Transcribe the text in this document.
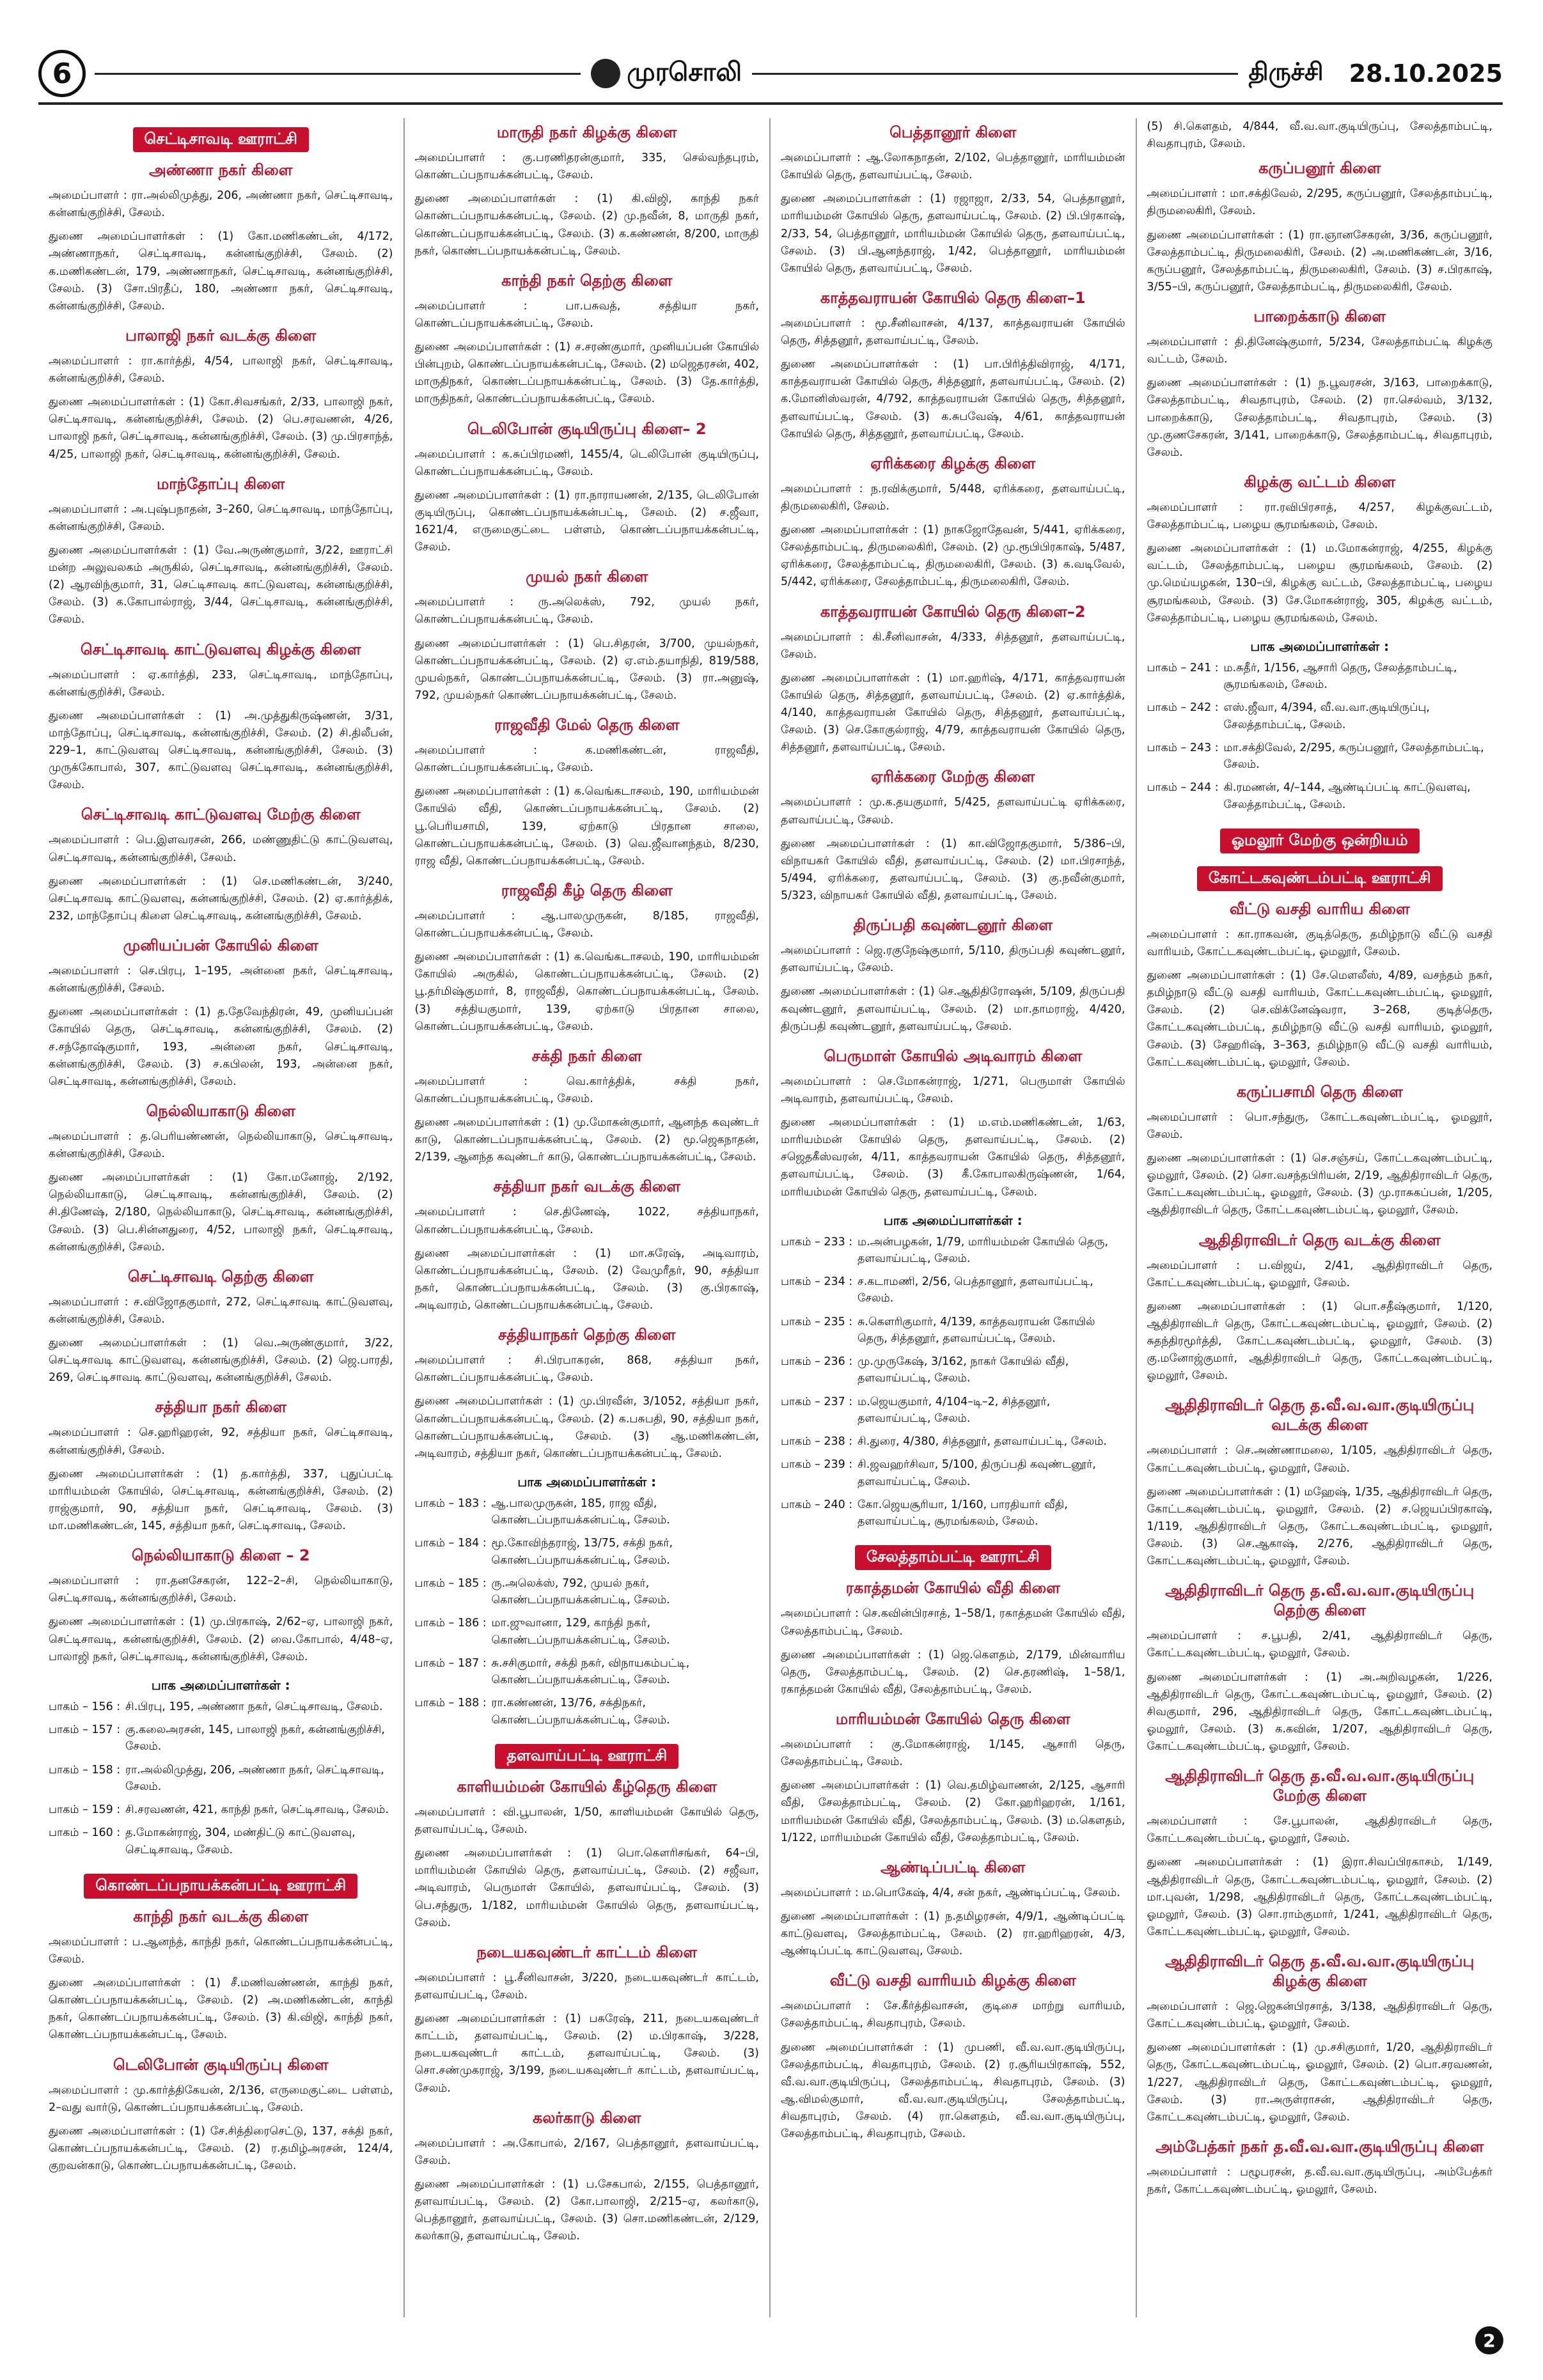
6	முரசொலி	திருச்சி 28.10.2025
செட்டிசாவடி ஊராட்சி
அண்ணா நகர் கிளை
அமைப்பாளர் : ரா.அல்லிமுத்து, 206, அண்ணா நகர், செட்டிசாவடி, கன்னங்குறிச்சி, சேலம்.
துணை அமைப்பாளர்கள் : (1) கோ.மணிகண்டன், 4/172, அண்ணாநகர், செட்டிசாவடி, கன்னங்குறிச்சி, சேலம். (2) க.மணிகண்டன், 179, அண்ணாநகர், செட்டிசாவடி, கன்னங்குறிச்சி, சேலம். (3) சோ.பிரதீப், 180, அண்ணா நகர், செட்டிசாவடி, கன்னங்குறிச்சி, சேலம்.
பாலாஜி நகர் வடக்கு கிளை
அமைப்பாளர் : ரா.கார்த்தி, 4/54, பாலாஜி நகர், செட்டிசாவடி, கன்னங்குறிச்சி, சேலம்.
துணை அமைப்பாளர்கள் : (1) கோ.சிவசங்கர், 2/33, பாலாஜி நகர், செட்டிசாவடி, கன்னங்குறிச்சி, சேலம். (2) பெ.சரவணன், 4/26, பாலாஜி நகர், செட்டிசாவடி, கன்னங்குறிச்சி, சேலம். (3) மு.பிரசாந்த், 4/25, பாலாஜி நகர், செட்டிசாவடி, கன்னங்குறிச்சி, சேலம்.
மாந்தோப்பு கிளை
அமைப்பாளர் : அ.புஷ்பநாதன், 3–260, செட்டிசாவடி, மாந்தோப்பு, கன்னங்குறிச்சி, சேலம்.
துணை அமைப்பாளர்கள் : (1) வே.அருண்குமார், 3/22, ஊராட்சி மன்ற அலுவலகம் அருகில், செட்டிசாவடி, கன்னங்குறிச்சி, சேலம். (2) ஆரவிந்குமார், 31, செட்டிசாவடி காட்டுவளவு, கன்னங்குறிச்சி, சேலம். (3) க.கோபால்ராஜ், 3/44, செட்டிசாவடி, கன்னங்குறிச்சி, சேலம்.
செட்டிசாவடி காட்டுவளவு கிழக்கு கிளை
அமைப்பாளர் : ஏ.கார்த்தி, 233, செட்டிசாவடி, மாந்தோப்பு, கன்னங்குறிச்சி, சேலம்.
துணை அமைப்பாளர்கள் : (1) அ.முத்துகிருஷ்ணன், 3/31, மாந்தோப்பு, செட்டிசாவடி, கன்னங்குறிச்சி, சேலம். (2) சி.திலீபன், 229–1, காட்டுவளவு செட்டிசாவடி, கன்னங்குறிச்சி, சேலம். (3) முருக்கோபால், 307, காட்டுவளவு செட்டிசாவடி, கன்னங்குறிச்சி, சேலம்.
செட்டிசாவடி காட்டுவளவு மேற்கு கிளை
அமைப்பாளர் : பெ.இளவரசன், 266, மண்ணுதிட்டு காட்டுவளவு, செட்டிசாவடி, கன்னங்குறிச்சி, சேலம்.
துணை அமைப்பாளர்கள் : (1) செ.மணிகண்டன், 3/240, செட்டிசாவடி காட்டுவளவு, கன்னங்குறிச்சி, சேலம். (2) ஏ.கார்த்திக், 232, மாந்தோப்பு கிளை செட்டிசாவடி, கன்னங்குறிச்சி, சேலம்.
முனியப்பன் கோயில் கிளை
அமைப்பாளர் : செ.பிரபு, 1–195, அன்னை நகர், செட்டிசாவடி, கன்னங்குறிச்சி, சேலம்.
துணை அமைப்பாளர்கள் : (1) த.தேவேந்திரன், 49, முனியப்பன் கோயில் தெரு, செட்டிசாவடி, கன்னங்குறிச்சி, சேலம். (2) ச.சந்தோஷ்குமார், 193, அன்னை நகர், செட்டிசாவடி, கன்னங்குறிச்சி, சேலம். (3) ச.கபிலன், 193, அன்னை நகர், செட்டிசாவடி, கன்னங்குறிச்சி, சேலம்.
நெல்லியாகாடு கிளை
அமைப்பாளர் : த.பெரியண்ணன், நெல்லியாகாடு, செட்டிசாவடி, கன்னங்குறிச்சி, சேலம்.
துணை அமைப்பாளர்கள் : (1) கோ.மனோஜ், 2/192, நெல்லியாகாடு, செட்டிசாவடி, கன்னங்குறிச்சி, சேலம். (2) சி.திணேஷ், 2/180, நெல்லியாகாடு, செட்டிசாவடி, கன்னங்குறிச்சி, சேலம். (3) பெ.சின்னதுரை, 4/52, பாலாஜி நகர், செட்டிசாவடி, கன்னங்குறிச்சி, சேலம்.
செட்டிசாவடி தெற்கு கிளை
அமைப்பாளர் : ச.விஜோதகுமார், 272, செட்டிசாவடி காட்டுவளவு, கன்னங்குறிச்சி, சேலம்.
துணை அமைப்பாளர்கள் : (1) வெ.அருண்குமார், 3/22, செட்டிசாவடி காட்டுவளவு, கன்னங்குறிச்சி, சேலம். (2) ஜெ.பாரதி, 269, செட்டிசாவடி காட்டுவளவு, கன்னங்குறிச்சி, சேலம்.
சத்தியா நகர் கிளை
அமைப்பாளர் : செ.ஹரிஹரன், 92, சத்தியா நகர், செட்டிசாவடி, கன்னங்குறிச்சி, சேலம்.
துணை அமைப்பாளர்கள் : (1) த.கார்த்தி, 337, புதுப்பட்டி மாரியம்மன் கோயில், செட்டிசாவடி, கன்னங்குறிச்சி, சேலம். (2) ராஜ்குமார், 90, சத்தியா நகர், செட்டிசாவடி, சேலம். (3) மா.மணிகண்டன், 145, சத்தியா நகர், செட்டிசாவடி, சேலம்.
நெல்லியாகாடு கிளை – 2
அமைப்பாளர் : ரா.தனசேகரன், 122–2–சி, நெல்லியாகாடு, செட்டிசாவடி, கன்னங்குறிச்சி, சேலம்.
துணை அமைப்பாளர்கள் : (1) மு.பிரகாஷ், 2/62–ஏ, பாலாஜி நகர், செட்டிசாவடி, கன்னங்குறிச்சி, சேலம். (2) வை.கோபால், 4/48–ஏ, பாலாஜி நகர், செட்டிசாவடி, கன்னங்குறிச்சி, சேலம்.
பாக அமைப்பாளர்கள் :
பாகம் – 156 : சி.பிரபு, 195, அண்ணா நகர், செட்டிசாவடி, சேலம்.
பாகம் – 157 : கு.கலைஅரசன், 145, பாலாஜி நகர், கன்னங்குறிச்சி, சேலம்.
பாகம் – 158 : ரா.அல்லிமுத்து, 206, அண்ணா நகர், செட்டிசாவடி, சேலம்.
பாகம் – 159 : சி.சரவணன், 421, காந்தி நகர், செட்டிசாவடி, சேலம்.
பாகம் – 160 : த.மோகன்ராஜ், 304, மண்திட்டு காட்டுவளவு, செட்டிசாவடி, சேலம்.
கொண்டப்பநாயக்கன்பட்டி ஊராட்சி
காந்தி நகர் வடக்கு கிளை
அமைப்பாளர் : ப.ஆனந்த், காந்தி நகர், கொண்டப்பநாயக்கன்பட்டி, சேலம்.
துணை அமைப்பாளர்கள் : (1) சீ.மணிவண்ணன், காந்தி நகர், கொண்டப்பநாயக்கன்பட்டி, சேலம். (2) அ.மணிகண்டன், காந்தி நகர், கொண்டப்பநாயக்கன்பட்டி, சேலம். (3) கி.விஜி, காந்தி நகர், கொண்டப்பநாயக்கன்பட்டி, சேலம்.
டெலிபோன் குடியிருப்பு கிளை
அமைப்பாளர் : மு.கார்த்திகேயன், 2/136, எருமைகுட்டை பள்ளம், 2–வது வார்டு, கொண்டப்பநாயக்கன்பட்டி, சேலம்.
துணை அமைப்பாளர்கள் : (1) சே.சித்திரைசெட்டு, 137, சக்தி நகர், கொண்டப்பநாயக்கன்பட்டி, சேலம். (2) ர.தமிழ்அரசன், 124/4, குறவன்காடு, கொண்டப்பநாயக்கன்பட்டி, சேலம்.
மாருதி நகர் கிழக்கு கிளை
அமைப்பாளர் : கு.பரணிதரன்குமார், 335, செல்வந்தபுரம், கொண்டப்பநாயக்கன்பட்டி, சேலம்.
துணை அமைப்பாளர்கள் : (1) கி.விஜி, காந்தி நகர் கொண்டப்பநாயக்கன்பட்டி, சேலம். (2) மு.நவீன், 8, மாருதி நகர், கொண்டப்பநாயக்கன்பட்டி, சேலம். (3) க.கண்ணன், 8/200, மாருதி நகர், கொண்டப்பநாயக்கன்பட்டி, சேலம்.
காந்தி நகர் தெற்கு கிளை
அமைப்பாளர் : பா.பசுவத், சத்தியா நகர், கொண்டப்பநாயக்கன்பட்டி, சேலம்.
துணை அமைப்பாளர்கள் : (1) ச.சரண்குமார், முனியப்பன் கோயில் பின்புறம், கொண்டப்பநாயக்கன்பட்டி, சேலம். (2) மஜெதரசன், 402, மாருதிநகர், கொண்டப்பநாயக்கன்பட்டி, சேலம். (3) தே.கார்த்தி, மாருதிநகர், கொண்டப்பநாயக்கன்பட்டி, சேலம்.
டெலிபோன் குடியிருப்பு கிளை– 2
அமைப்பாளர் : க.சுப்பிரமணி, 1455/4, டெலிபோன் குடியிருப்பு, கொண்டப்பநாயக்கன்பட்டி, சேலம்.
துணை அமைப்பாளர்கள் : (1) ரா.நாராயணன், 2/135, டெலிபோன் குடியிருப்பு, கொண்டப்பநாயக்கன்பட்டி, சேலம். (2) ச.ஜீவா, 1621/4, எருமைகுட்டை பள்ளம், கொண்டப்பநாயக்கன்பட்டி, சேலம்.
முயல் நகர் கிளை
அமைப்பாளர் : ரு.அலெக்ஸ், 792, முயல் நகர், கொண்டப்பநாயக்கன்பட்டி, சேலம்.
துணை அமைப்பாளர்கள் : (1) பெ.சிதரன், 3/700, முயல்நகர், கொண்டப்பநாயக்கன்பட்டி, சேலம். (2) ஏ.எம்.தயாநிதி, 819/588, முயல்நகர், கொண்டப்பநாயக்கன்பட்டி, சேலம். (3) ரா.அனுஷ், 792, முயல்நகர் கொண்டப்பநாயக்கன்பட்டி, சேலம்.
ராஜவீதி மேல் தெரு கிளை
அமைப்பாளர் : க.மணிகண்டன், ராஜவீதி, கொண்டப்பநாயக்கன்பட்டி, சேலம்.
துணை அமைப்பாளர்கள் : (1) க.வெங்கடாசலம், 190, மாரியம்மன் கோயில் வீதி, கொண்டப்பநாயக்கன்பட்டி, சேலம். (2) பூ.பெரியசாமி, 139, ஏற்காடு பிரதான சாலை, கொண்டப்பநாயக்கன்பட்டி, சேலம். (3) வெ.ஜீவானந்தம், 8/230, ராஜ வீதி, கொண்டப்பநாயக்கன்பட்டி, சேலம்.
ராஜவீதி கீழ் தெரு கிளை
அமைப்பாளர் : ஆ.பாலமுருகன், 8/185, ராஜவீதி, கொண்டப்பநாயக்கன்பட்டி, சேலம்.
துணை அமைப்பாளர்கள் : (1) க.வெங்கடாசலம், 190, மாரியம்மன் கோயில் அருகில், கொண்டப்பநாயக்கன்பட்டி, சேலம். (2) பூ.தர்மிஷ்குமார், 8, ராஜவீதி, கொண்டப்பநாயக்கன்பட்டி, சேலம். (3) சத்தியகுமார், 139, ஏற்காடு பிரதான சாலை, கொண்டப்பநாயக்கன்பட்டி, சேலம்.
சக்தி நகர் கிளை
அமைப்பாளர் : வெ.கார்த்திக், சக்தி நகர், கொண்டப்பநாயக்கன்பட்டி, சேலம்.
துணை அமைப்பாளர்கள் : (1) மு.மோகன்குமார், ஆனந்த கவுண்டர் காடு, கொண்டப்பநாயக்கன்பட்டி, சேலம். (2) மூ.ஜெகநாதன், 2/139, ஆனந்த கவுண்டர் காடு, கொண்டப்பநாயக்கன்பட்டி, சேலம்.
சத்தியா நகர் வடக்கு கிளை
அமைப்பாளர் : செ.திணேஷ், 1022, சத்தியாநகர், கொண்டப்பநாயக்கன்பட்டி, சேலம்.
துணை அமைப்பாளர்கள் : (1) மா.சுரேஷ், அடிவாரம், கொண்டப்பநாயக்கன்பட்டி, சேலம். (2) வேமுரீதர், 90, சத்தியா நகர், கொண்டப்பநாயக்கன்பட்டி, சேலம். (3) கு.பிரகாஷ், அடிவாரம், கொண்டப்பநாயக்கன்பட்டி, சேலம்.
சத்தியாநகர் தெற்கு கிளை
அமைப்பாளர் : சி.பிரபாகரன், 868, சத்தியா நகர், கொண்டப்பநாயக்கன்பட்டி, சேலம்.
துணை அமைப்பாளர்கள் : (1) மு.பிரவீன், 3/1052, சத்தியா நகர், கொண்டப்பநாயக்கன்பட்டி, சேலம். (2) க.பசுபதி, 90, சத்தியா நகர், கொண்டப்பநாயக்கன்பட்டி, சேலம். (3) ஆ.மணிகண்டன், அடிவாரம், சத்தியா நகர், கொண்டப்பநாயக்கன்பட்டி, சேலம்.
பாக அமைப்பாளர்கள் :
பாகம் – 183 : ஆ.பாலமுருகன், 185, ராஜ வீதி, கொண்டப்பநாயக்கன்பட்டி, சேலம்.
பாகம் – 184 : மூ.கோவிந்தராஜ், 13/75, சக்தி நகர், கொண்டப்பநாயக்கன்பட்டி, சேலம்.
பாகம் – 185 : ரு.அலெக்ஸ், 792, முயல் நகர், கொண்டப்பநாயக்கன்பட்டி, சேலம்.
பாகம் – 186 : மா.ஜுவானா, 129, காந்தி நகர், கொண்டப்பநாயக்கன்பட்டி, சேலம்.
பாகம் – 187 : சு.சசிகுமார், சக்தி நகர், விநாயகம்பட்டி, கொண்டப்பநாயக்கன்பட்டி, சேலம்.
பாகம் – 188 : ரா.கண்ணன், 13/76, சக்திநகர், கொண்டப்பநாயக்கன்பட்டி, சேலம்.
தளவாய்பட்டி ஊராட்சி
காளியம்மன் கோயில் கீழ்தெரு கிளை
அமைப்பாளர் : வி.பூபாலன், 1/50, காளியம்மன் கோயில் தெரு, தளவாய்பட்டி, சேலம்.
துணை அமைப்பாளர்கள் : (1) பொ.கௌரிசங்கர், 64–பி, மாரியம்மன் கோயில் தெரு, தளவாய்பட்டி, சேலம். (2) சஜீவா, அடிவாரம், பெருமாள் கோயில், தளவாய்பட்டி, சேலம். (3) பெ.சந்துரு, 1/182, மாரியம்மன் கோயில் தெரு, தளவாய்பட்டி, சேலம்.
நடையகவுண்டர் காட்டம் கிளை
அமைப்பாளர் : பூ.சீனிவாசன், 3/220, நடையகவுண்டர் காட்டம், தளவாய்பட்டி, சேலம்.
துணை அமைப்பாளர்கள் : (1) பசுரேஷ், 211, நடையகவுண்டர் காட்டம், தளவாய்பட்டி, சேலம். (2) ம.பிரகாஷ், 3/228, நடையகவுண்டர் காட்டம், தளவாய்பட்டி, சேலம். (3) சொ.சண்முகராஜ், 3/199, நடையகவுண்டர் காட்டம், தளவாய்பட்டி, சேலம்.
கலர்காடு கிளை
அமைப்பாளர் : அ.கோபால், 2/167, பெத்தானூர், தளவாய்பட்டி, சேலம்.
துணை அமைப்பாளர்கள் : (1) ப.சேகபால், 2/155, பெத்தானூர், தளவாய்பட்டி, சேலம். (2) கோ.பாலாஜி, 2/215–ஏ, கலர்காடு, பெத்தானூர், தளவாய்பட்டி, சேலம். (3) சொ.மணிகண்டன், 2/129, கலர்காடு, தளவாய்பட்டி, சேலம்.
பெத்தானூர் கிளை
அமைப்பாளர் : ஆ.லோகநாதன், 2/102, பெத்தானூர், மாரியம்மன் கோயில் தெரு, தளவாய்பட்டி, சேலம்.
துணை அமைப்பாளர்கள் : (1) ரஜாஜா, 2/33, 54, பெத்தானூர், மாரியம்மன் கோயில் தெரு, தளவாய்பட்டி, சேலம். (2) பி.பிரகாஷ், 2/33, 54, பெத்தானூர், மாரியம்மன் கோயில் தெரு, தளவாய்பட்டி, சேலம். (3) பி.ஆனந்தராஜ், 1/42, பெத்தானூர், மாரியம்மன் கோயில் தெரு, தளவாய்பட்டி, சேலம்.
காத்தவராயன் கோயில் தெரு கிளை–1
அமைப்பாளர் : மூ.சீனிவாசன், 4/137, காத்தவராயன் கோயில் தெரு, சித்தனூர், தளவாய்பட்டி, சேலம்.
துணை அமைப்பாளர்கள் : (1) பா.பிரித்திவிராஜ், 4/171, காத்தவராயன் கோயில் தெரு, சித்தனூர், தளவாய்பட்டி, சேலம். (2) க.மோனிஸ்வரன், 4/792, காத்தவராயன் கோயில் தெரு, சித்தனூர், தளவாய்பட்டி, சேலம். (3) க.சுபவேஷ், 4/61, காத்தவராயன் கோயில் தெரு, சித்தனூர், தளவாய்பட்டி, சேலம்.
ஏரிக்கரை கிழக்கு கிளை
அமைப்பாளர் : ந.ரவிக்குமார், 5/448, ஏரிக்கரை, தளவாய்பட்டி, திருமலைகிரி, சேலம்.
துணை அமைப்பாளர்கள் : (1) நாகஜோதேவன், 5/441, ஏரிக்கரை, சேலத்தாம்பட்டி, திருமலைகிரி, சேலம். (2) மு.ரூபிபிரகாஷ், 5/487, ஏரிக்கரை, சேலத்தாம்பட்டி, திருமலைகிரி, சேலம். (3) க.வடிவேல், 5/442, ஏரிக்கரை, சேலத்தாம்பட்டி, திருமலைகிரி, சேலம்.
காத்தவராயன் கோயில் தெரு கிளை–2
அமைப்பாளர் : கி.சீனிவாசன், 4/333, சித்தனூர், தளவாய்பட்டி, சேலம்.
துணை அமைப்பாளர்கள் : (1) மா.ஹரிஷ், 4/171, காத்தவராயன் கோயில் தெரு, சித்தனூர், தளவாய்பட்டி, சேலம். (2) ஏ.கார்த்திக், 4/140, காத்தவராயன் கோயில் தெரு, சித்தனூர், தளவாய்பட்டி, சேலம். (3) செ.கோகுல்ராஜ், 4/79, காத்தவராயன் கோயில் தெரு, சித்தனூர், தளவாய்பட்டி, சேலம்.
ஏரிக்கரை மேற்கு கிளை
அமைப்பாளர் : மு.க.தயகுமார், 5/425, தளவாய்பட்டி ஏரிக்கரை, தளவாய்பட்டி, சேலம்.
துணை அமைப்பாளர்கள் : (1) கா.விஜோதகுமார், 5/386–பி, விநாயகர் கோயில் வீதி, தளவாய்பட்டி, சேலம். (2) மா.பிரசாந்த், 5/494, ஏரிக்கரை, தளவாய்பட்டி, சேலம். (3) கு.நவீன்குமார், 5/323, விநாயகர் கோயில் வீதி, தளவாய்பட்டி, சேலம்.
திருப்பதி கவுண்டனூர் கிளை
அமைப்பாளர் : ஜெ.ரகுநேஷ்குமார், 5/110, திருப்பதி கவுண்டனூர், தளவாய்பட்டி, சேலம்.
துணை அமைப்பாளர்கள் : (1) செ.ஆதிதிரோஷன், 5/109, திருப்பதி கவுண்டனூர், தளவாய்பட்டி, சேலம். (2) மா.தாமராஜ், 4/420, திருப்பதி கவுண்டனூர், தளவாய்பட்டி, சேலம்.
பெருமாள் கோயில் அடிவாரம் கிளை
அமைப்பாளர் : செ.மோகன்ராஜ், 1/271, பெருமாள் கோயில் அடிவாரம், தளவாய்பட்டி, சேலம்.
துணை அமைப்பாளர்கள் : (1) ம.எம்.மணிகண்டன், 1/63, மாரியம்மன் கோயில் தெரு, தளவாய்பட்டி, சேலம். (2) சஜெதகீஸ்வரன், 4/11, காத்தவராயன் கோயில் தெரு, சித்தனூர், தளவாய்பட்டி, சேலம். (3) கீ.கோபாலகிருஷ்ணன், 1/64, மாரியம்மன் கோயில் தெரு, தளவாய்பட்டி, சேலம்.
பாக அமைப்பாளர்கள் :
பாகம் – 233 : ம.அன்பழகன், 1/79, மாரியம்மன் கோயில் தெரு, தளவாய்பட்டி, சேலம்.
பாகம் – 234 : ச.கடாமணி, 2/56, பெத்தானூர், தளவாய்பட்டி, சேலம்.
பாகம் – 235 : சு.கௌரிகுமார், 4/139, காத்தவராயன் கோயில் தெரு, சித்தனூர், தளவாய்பட்டி, சேலம்.
பாகம் – 236 : மு.முருகேஷ், 3/162, நாகர் கோயில் வீதி, தளவாய்பட்டி, சேலம்.
பாகம் – 237 : ம.ஜெயகுமார், 4/104–டி–2, சித்தனூர், தளவாய்பட்டி, சேலம்.
பாகம் – 238 : சி.துரை, 4/380, சித்தனூர், தளவாய்பட்டி, சேலம்.
பாகம் – 239 : சி.ஜவஹர்சிவா, 5/100, திருப்பதி கவுண்டனூர், தளவாய்பட்டி, சேலம்.
பாகம் – 240 : கோ.ஜெயசூரியா, 1/160, பாரதியார் வீதி, தளவாய்பட்டி, சூரமங்கலம், சேலம்.
சேலத்தாம்பட்டி ஊராட்சி
ரகாத்தமன் கோயில் வீதி கிளை
அமைப்பாளர் : செ.கவின்பிரசாத், 1–58/1, ரகாத்தமன் கோயில் வீதி, சேலத்தாம்பட்டி, சேலம்.
துணை அமைப்பாளர்கள் : (1) ஜெ.கௌதம், 2/179, மின்வாரிய தெரு, சேலத்தாம்பட்டி, சேலம். (2) செ.தரணிஷ், 1–58/1, ரகாத்தமன் கோயில் வீதி, சேலத்தாம்பட்டி, சேலம்.
மாரியம்மன் கோயில் தெரு கிளை
அமைப்பாளர் : கு.மோகன்ராஜ், 1/145, ஆசாரி தெரு, சேலத்தாம்பட்டி, சேலம்.
துணை அமைப்பாளர்கள் : (1) வெ.தமிழ்வாணன், 2/125, ஆசாரி வீதி, சேலத்தாம்பட்டி, சேலம். (2) கோ.ஹரிஹரன், 1/161, மாரியம்மன் கோயில் வீதி, சேலத்தாம்பட்டி, சேலம். (3) ம.கௌதம், 1/122, மாரியம்மன் கோயில் வீதி, சேலத்தாம்பட்டி, சேலம்.
ஆண்டிப்பட்டி கிளை
அமைப்பாளர் : ம.பொகேஷ், 4/4, சன் நகர், ஆண்டிப்பட்டி, சேலம்.
துணை அமைப்பாளர்கள் : (1) ந.தமிழரசன், 4/9/1, ஆண்டிப்பட்டி காட்டுவளவு, சேலத்தாம்பட்டி, சேலம். (2) ரா.ஹரிஹரன், 4/3, ஆண்டிப்பட்டி காட்டுவளவு, சேலம்.
வீட்டு வசதி வாரியம் கிழக்கு கிளை
அமைப்பாளர் : சே.கீர்த்திவாசன், குடிசை மாற்று வாரியம், சேலத்தாம்பட்டி, சிவதாபுரம், சேலம்.
துணை அமைப்பாளர்கள் : (1) முபணி, வீ.வ.வா.குடியிருப்பு, சேலத்தாம்பட்டி, சிவதாபுரம், சேலம். (2) ர.சூரியபிரகாஷ், 552, வீ.வ.வா.குடியிருப்பு, சேலத்தாம்பட்டி, சிவதாபுரம், சேலம். (3) ஆ.விமல்குமார், வீ.வ.வா.குடியிருப்பு, சேலத்தாம்பட்டி, சிவதாபுரம், சேலம். (4) ரா.கௌதம், வீ.வ.வா.குடியிருப்பு, சேலத்தாம்பட்டி, சிவதாபுரம், சேலம்.
(5) சி.கௌதம், 4/844, வீ.வ.வா.குடியிருப்பு, சேலத்தாம்பட்டி, சிவதாபுரம், சேலம்.
கருப்பனூர் கிளை
அமைப்பாளர் : மா.சக்திவேல், 2/295, கருப்பனூர், சேலத்தாம்பட்டி, திருமலைகிரி, சேலம்.
துணை அமைப்பாளர்கள் : (1) ரா.ஞானசேகரன், 3/36, கருப்பனூர், சேலத்தாம்பட்டி, திருமலைகிரி, சேலம். (2) அ.மணிகண்டன், 3/16, கருப்பனூர், சேலத்தாம்பட்டி, திருமலைகிரி, சேலம். (3) ச.பிரகாஷ், 3/55–பி, கருப்பனூர், சேலத்தாம்பட்டி, திருமலைகிரி, சேலம்.
பாறைக்காடு கிளை
அமைப்பாளர் : தி.தினேஷ்குமார், 5/234, சேலத்தாம்பட்டி கிழக்கு வட்டம், சேலம்.
துணை அமைப்பாளர்கள் : (1) ந.பூவரசன், 3/163, பாறைக்காடு, சேலத்தாம்பட்டி, சிவதாபுரம், சேலம். (2) ரா.செல்வம், 3/132, பாறைக்காடு, சேலத்தாம்பட்டி, சிவதாபுரம், சேலம். (3) மு.குணசேகரன், 3/141, பாறைக்காடு, சேலத்தாம்பட்டி, சிவதாபுரம், சேலம்.
கிழக்கு வட்டம் கிளை
அமைப்பாளர் : ரா.ரவிபிரசாத், 4/257, கிழக்குவட்டம், சேலத்தாம்பட்டி, பழைய சூரமங்கலம், சேலம்.
துணை அமைப்பாளர்கள் : (1) ம.மோகன்ராஜ், 4/255, கிழக்கு வட்டம், சேலத்தாம்பட்டி, பழைய சூரமங்கலம், சேலம். (2) மு.மெய்யழகன், 130–பி, கிழக்கு வட்டம், சேலத்தாம்பட்டி, பழைய சூரமங்கலம், சேலம். (3) சே.மோகன்ராஜ், 305, கிழக்கு வட்டம், சேலத்தாம்பட்டி, பழைய சூரமங்கலம், சேலம்.
பாக அமைப்பாளர்கள் :
பாகம் – 241 : ம.சுதீர், 1/156, ஆசாரி தெரு, சேலத்தாம்பட்டி, சூரமங்கலம், சேலம்.
பாகம் – 242 : எஸ்.ஜீவா, 4/394, வீ.வ.வா.குடியிருப்பு, சேலத்தாம்பட்டி, சேலம்.
பாகம் – 243 : மா.சக்திவேல், 2/295, கருப்பனூர், சேலத்தாம்பட்டி, சேலம்.
பாகம் – 244 : கி.ரமணன், 4/–144, ஆண்டிப்பட்டி காட்டுவளவு, சேலத்தாம்பட்டி, சேலம்.
ஓமலூர் மேற்கு ஒன்றியம்
கோட்டகவுண்டம்பட்டி ஊராட்சி
வீட்டு வசதி வாரிய கிளை
அமைப்பாளர் : கா.ராகவன், குடித்தெரு, தமிழ்நாடு வீட்டு வசதி வாரியம், கோட்டகவுண்டம்பட்டி, ஓமலூர், சேலம்.
துணை அமைப்பாளர்கள் : (1) சே.மௌலீஸ், 4/89, வசந்தம் நகர், தமிழ்நாடு வீட்டு வசதி வாரியம், கோட்டகவுண்டம்பட்டி, ஓமலூர், சேலம். (2) செ.விக்னேஷ்வரா, 3–268, குடித்தெரு, கோட்டகவுண்டம்பட்டி, தமிழ்நாடு வீட்டு வசதி வாரியம், ஓமலூர், சேலம். (3) சேஹரிஷ், 3–363, தமிழ்நாடு வீட்டு வசதி வாரியம், கோட்டகவுண்டம்பட்டி, ஓமலூர், சேலம்.
கருப்பசாமி தெரு கிளை
அமைப்பாளர் : பொ.சந்துரு, கோட்டகவுண்டம்பட்டி, ஓமலூர், சேலம்.
துணை அமைப்பாளர்கள் : (1) செ.சஞ்சய், கோட்டகவுண்டம்பட்டி, ஓமலூர், சேலம். (2) சொ.வசந்தபிரியன், 2/19, ஆதிதிராவிடர் தெரு, கோட்டகவுண்டம்பட்டி, ஓமலூர், சேலம். (3) மு.ராசுகப்பன், 1/205, ஆதிதிராவிடர் தெரு, கோட்டகவுண்டம்பட்டி, ஓமலூர், சேலம்.
ஆதிதிராவிடர் தெரு வடக்கு கிளை
அமைப்பாளர் : ப.விஜய், 2/41, ஆதிதிராவிடர் தெரு, கோட்டகவுண்டம்பட்டி, ஓமலூர், சேலம்.
துணை அமைப்பாளர்கள் : (1) பொ.சதீஷ்குமார், 1/120, ஆதிதிராவிடர் தெரு, கோட்டகவுண்டம்பட்டி, ஓமலூர், சேலம். (2) சுதந்திரமூர்த்தி, கோட்டகவுண்டம்பட்டி, ஓமலூர், சேலம். (3) கு.மனோஜ்குமார், ஆதிதிராவிடர் தெரு, கோட்டகவுண்டம்பட்டி, ஓமலூர், சேலம்.
ஆதிதிராவிடர் தெரு த.வீ.வ.வா.குடியிருப்பு வடக்கு கிளை
அமைப்பாளர் : செ.அண்ணாமலை, 1/105, ஆதிதிராவிடர் தெரு, கோட்டகவுண்டம்பட்டி, ஓமலூர், சேலம்.
துணை அமைப்பாளர்கள் : (1) மஹேஷ், 1/35, ஆதிதிராவிடர் தெரு, கோட்டகவுண்டம்பட்டி, ஓமலூர், சேலம். (2) ச.ஜெயப்பிரகாஷ், 1/119, ஆதிதிராவிடர் தெரு, கோட்டகவுண்டம்பட்டி, ஓமலூர், சேலம். (3) செ.ஆகாஷ், 2/276, ஆதிதிராவிடர் தெரு, கோட்டகவுண்டம்பட்டி, ஓமலூர், சேலம்.
ஆதிதிராவிடர் தெரு த.வீ.வ.வா.குடியிருப்பு தெற்கு கிளை
அமைப்பாளர் : ச.பூபதி, 2/41, ஆதிதிராவிடர் தெரு, கோட்டகவுண்டம்பட்டி, ஓமலூர், சேலம்.
துணை அமைப்பாளர்கள் : (1) அ.அறிவழகன், 1/226, ஆதிதிராவிடர் தெரு, கோட்டகவுண்டம்பட்டி, ஓமலூர், சேலம். (2) சிவகுமார், 296, ஆதிதிராவிடர் தெரு, கோட்டகவுண்டம்பட்டி, ஓமலூர், சேலம். (3) க.கவின், 1/207, ஆதிதிராவிடர் தெரு, கோட்டகவுண்டம்பட்டி, ஓமலூர், சேலம்.
ஆதிதிராவிடர் தெரு த.வீ.வ.வா.குடியிருப்பு மேற்கு கிளை
அமைப்பாளர் : சே.பூபாலன், ஆதிதிராவிடர் தெரு, கோட்டகவுண்டம்பட்டி, ஓமலூர், சேலம்.
துணை அமைப்பாளர்கள் : (1) இரா.சிவப்பிரகாசம், 1/149, ஆதிதிராவிடர் தெரு, கோட்டகவுண்டம்பட்டி, ஓமலூர், சேலம். (2) மா.புவன், 1/298, ஆதிதிராவிடர் தெரு, கோட்டகவுண்டம்பட்டி, ஓமலூர், சேலம். (3) சொ.ராம்குமார், 1/241, ஆதிதிராவிடர் தெரு, கோட்டகவுண்டம்பட்டி, ஓமலூர், சேலம்.
ஆதிதிராவிடர் தெரு த.வீ.வ.வா.குடியிருப்பு கிழக்கு கிளை
அமைப்பாளர் : ஜெ.ஜெகன்பிரசாத், 3/138, ஆதிதிராவிடர் தெரு, கோட்டகவுண்டம்பட்டி, ஓமலூர், சேலம்.
துணை அமைப்பாளர்கள் : (1) மு.சசிகுமார், 1/20, ஆதிதிராவிடர் தெரு, கோட்டகவுண்டம்பட்டி, ஓமலூர், சேலம். (2) பொ.சரவணன், 1/227, ஆதிதிராவிடர் தெரு, கோட்டகவுண்டம்பட்டி, ஓமலூர், சேலம். (3) ரா.அருள்ராசன், ஆதிதிராவிடர் தெரு, கோட்டகவுண்டம்பட்டி, ஓமலூர், சேலம்.
அம்பேத்கர் நகர் த.வீ.வ.வா.குடியிருப்பு கிளை
அமைப்பாளர் : பழூபரசன், த.வீ.வ.வா.குடியிருப்பு, அம்பேத்கர் நகர், கோட்டகவுண்டம்பட்டி, ஓமலூர், சேலம்.
2
